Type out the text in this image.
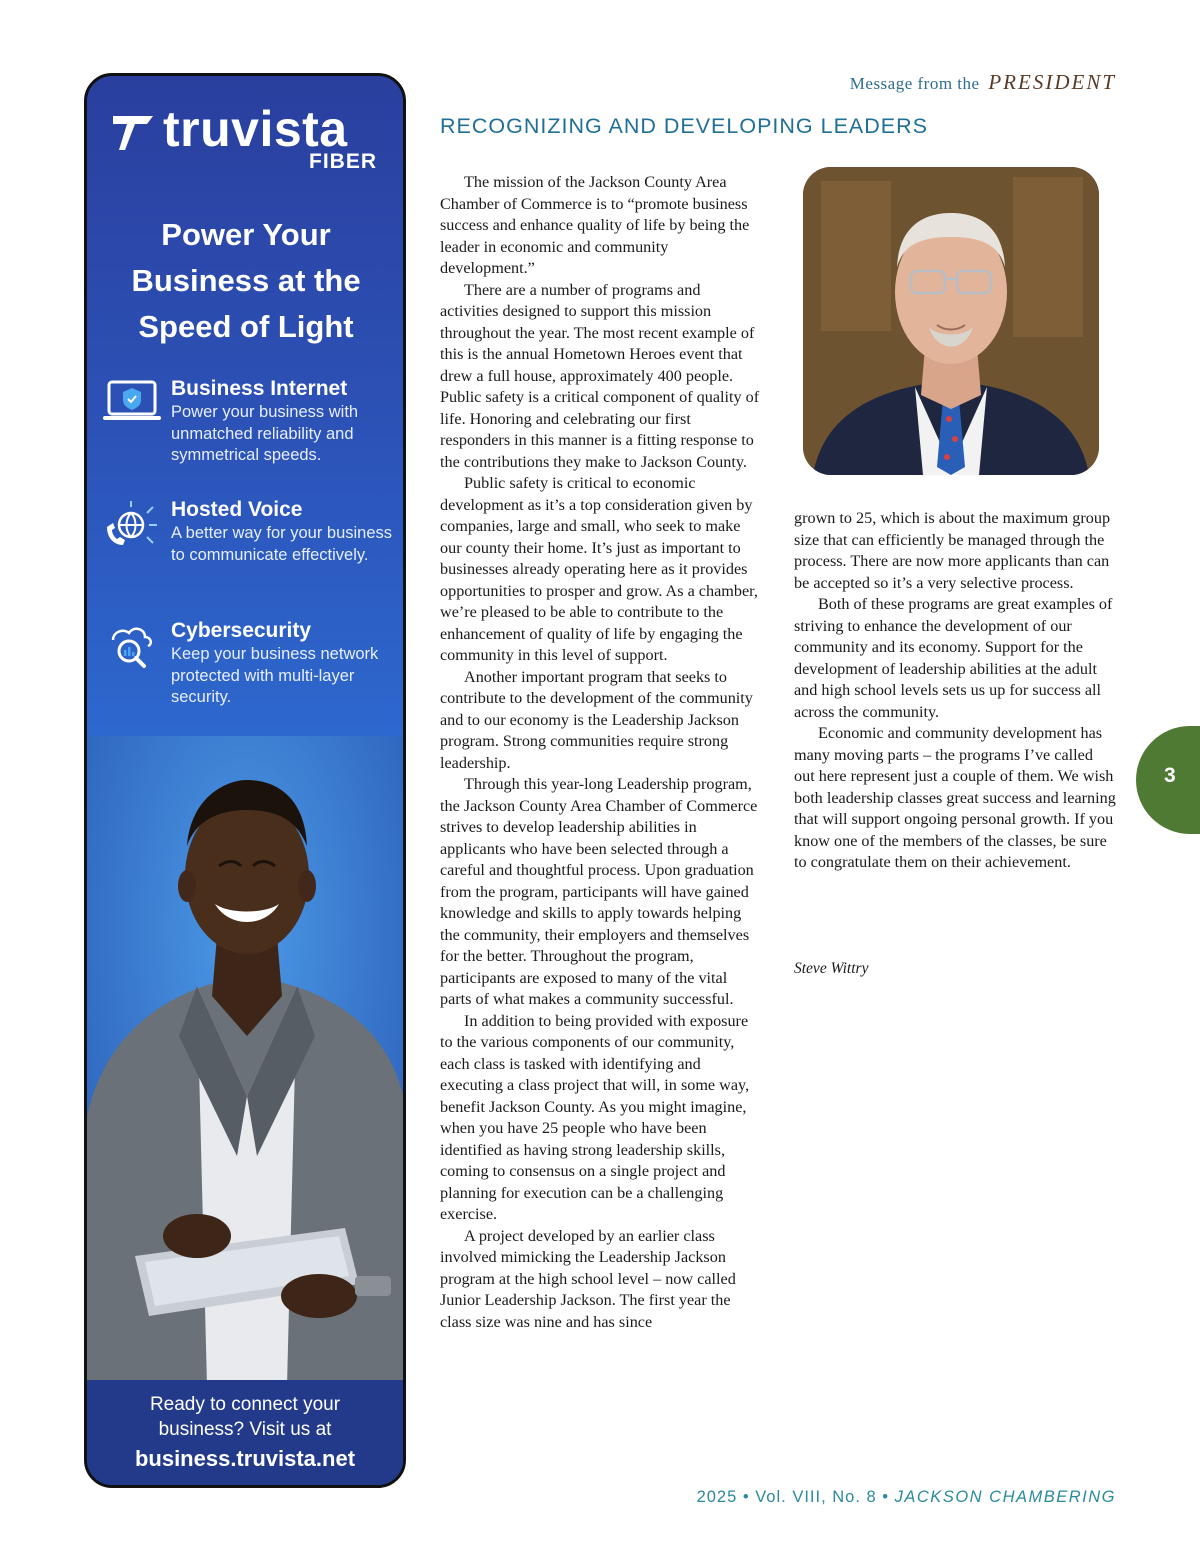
truvista
FIBER
Power Your Business at the Speed of Light
Business Internet
Power your business with unmatched reliability and symmetrical speeds.
Hosted Voice
A better way for your business to communicate effectively.
Cybersecurity
Keep your business network protected with multi-layer security.
Ready to connect your business? Visit us at
business.truvista.net
Message from the PRESIDENT
RECOGNIZING AND DEVELOPING LEADERS

The mission of the Jackson County Area Chamber of Commerce is to “promote business success and enhance quality of life by being the leader in economic and community development.”

There are a number of programs and activities designed to support this mission throughout the year. The most recent example of this is the annual Hometown Heroes event that drew a full house, approximately 400 people. Public safety is a critical component of quality of life. Honoring and celebrating our first responders in this manner is a fitting response to the contributions they make to Jackson County.

Public safety is critical to economic development as it’s a top consideration given by companies, large and small, who seek to make our county their home. It’s just as important to businesses already operating here as it provides opportunities to prosper and grow. As a chamber, we’re pleased to be able to contribute to the enhancement of quality of life by engaging the community in this level of support.

Another important program that seeks to contribute to the development of the community and to our economy is the Leadership Jackson program. Strong communities require strong leadership.

Through this year-long Leadership program, the Jackson County Area Chamber of Commerce strives to develop leadership abilities in applicants who have been selected through a careful and thoughtful process. Upon graduation from the program, participants will have gained knowledge and skills to apply towards helping the community, their employers and themselves for the better. Throughout the program, participants are exposed to many of the vital parts of what makes a community successful.

In addition to being provided with exposure to the various components of our community, each class is tasked with identifying and executing a class project that will, in some way, benefit Jackson County. As you might imagine, when you have 25 people who have been identified as having strong leadership skills, coming to consensus on a single project and planning for execution can be a challenging exercise.

A project developed by an earlier class involved mimicking the Leadership Jackson program at the high school level – now called Junior Leadership Jackson. The first year the class size was nine and has since

grown to 25, which is about the maximum group size that can efficiently be managed through the process. There are now more applicants than can be accepted so it’s a very selective process.

Both of these programs are great examples of striving to enhance the development of our community and its economy. Support for the development of leadership abilities at the adult and high school levels sets us up for success all across the community.

Economic and community development has many moving parts – the programs I’ve called out here represent just a couple of them. We wish both leadership classes great success and learning that will support ongoing personal growth. If you know one of the members of the classes, be sure to congratulate them on their achievement.

Steve Wittry
3
2025 • Vol. VIII, No. 8 • JACKSON CHAMBERING
